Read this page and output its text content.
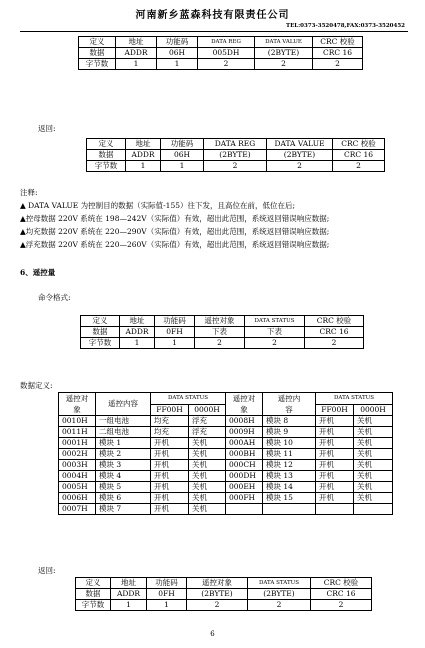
河南新乡蓝森科技有限责任公司
TEL:0373-3520478,FAX:0373-3520452
定义	地址	功能码	DATA REG	DATA VALUE	CRC 校验
数据	ADDR	06H	005DH	(2BYTE)	CRC 16
字节数	1	1	2	2	2
返回:
定义	地址	功能码	DATA REG	DATA VALUE	CRC 校验
数据	ADDR	06H	(2BYTE)	(2BYTE)	CRC 16
字节数	1	1	2	2	2
注释:
▲ DATA VALUE 为控制目的数据（实际值-155）往下发，且高位在前，低位在后;
▲控母数据 220V 系统在 198—242V（实际值）有效，超出此范围，系统返回错误响应数据;
▲均充数据 220V 系统在 220—290V（实际值）有效，超出此范围，系统返回错误响应数据;
▲浮充数据 220V 系统在 220—260V（实际值）有效，超出此范围，系统返回错误响应数据;
6、遥控量
命令格式:
定义	地址	功能码	遥控对象	DATA STATUS	CRC 校验
数据	ADDR	0FH	下表	下表	CRC 16
字节数	1	1	2	2	2
数据定义:
遥控对象	遥控内容	DATA STATUS		遥控对象	遥控内容	DATA STATUS	
		FF00H	0000H			FF00H	0000H
0010H	一组电池	均充	浮充	0008H	模块 8	开机	关机
0011H	二组电池	均充	浮充	0009H	模块 9	开机	关机
0001H	模块 1	开机	关机	000AH	模块 10	开机	关机
0002H	模块 2	开机	关机	000BH	模块 11	开机	关机
0003H	模块 3	开机	关机	000CH	模块 12	开机	关机
0004H	模块 4	开机	关机	000DH	模块 13	开机	关机
0005H	模块 5	开机	关机	000EH	模块 14	开机	关机
0006H	模块 6	开机	关机	000FH	模块 15	开机	关机
0007H	模块 7	开机	关机				
返回:
定义	地址	功能码	遥控对象	DATA STATUS	CRC 校验
数据	ADDR	0FH	(2BYTE)	(2BYTE)	CRC 16
字节数	1	1	2	2	2
6
